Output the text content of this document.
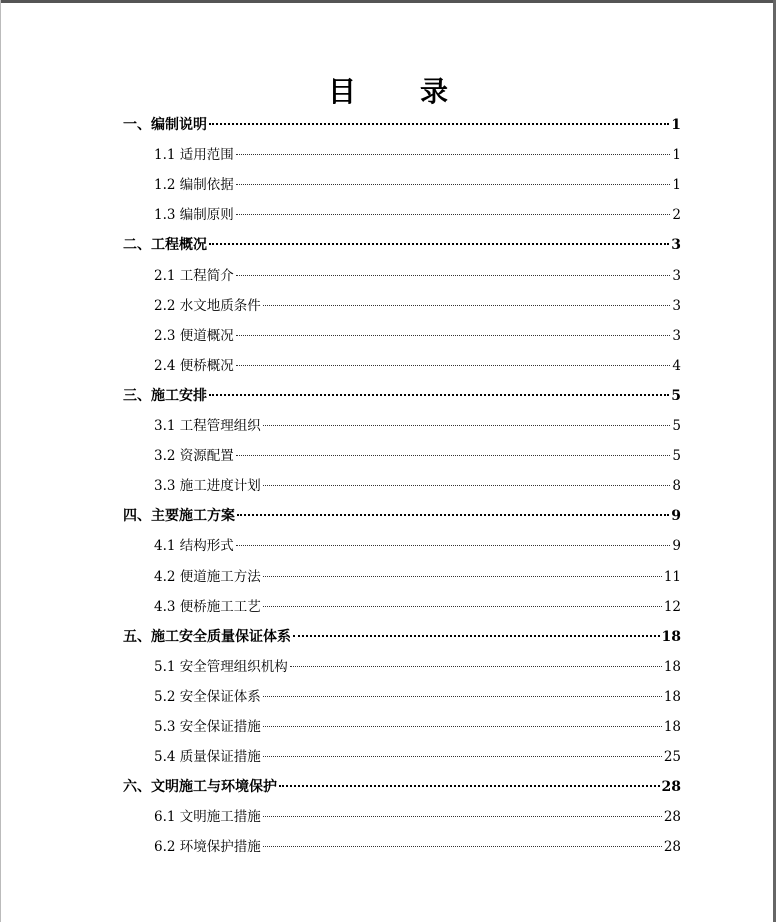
目　录
一、编制说明	1
1.1 适用范围	1
1.2 编制依据	1
1.3 编制原则	2
二、工程概况	3
2.1 工程简介	3
2.2 水文地质条件	3
2.3 便道概况	3
2.4 便桥概况	4
三、施工安排	5
3.1 工程管理组织	5
3.2 资源配置	5
3.3 施工进度计划	8
四、主要施工方案	9
4.1 结构形式	9
4.2 便道施工方法	11
4.3 便桥施工工艺	12
五、施工安全质量保证体系	18
5.1 安全管理组织机构	18
5.2 安全保证体系	18
5.3 安全保证措施	18
5.4 质量保证措施	25
六、文明施工与环境保护	28
6.1 文明施工措施	28
6.2 环境保护措施	28
